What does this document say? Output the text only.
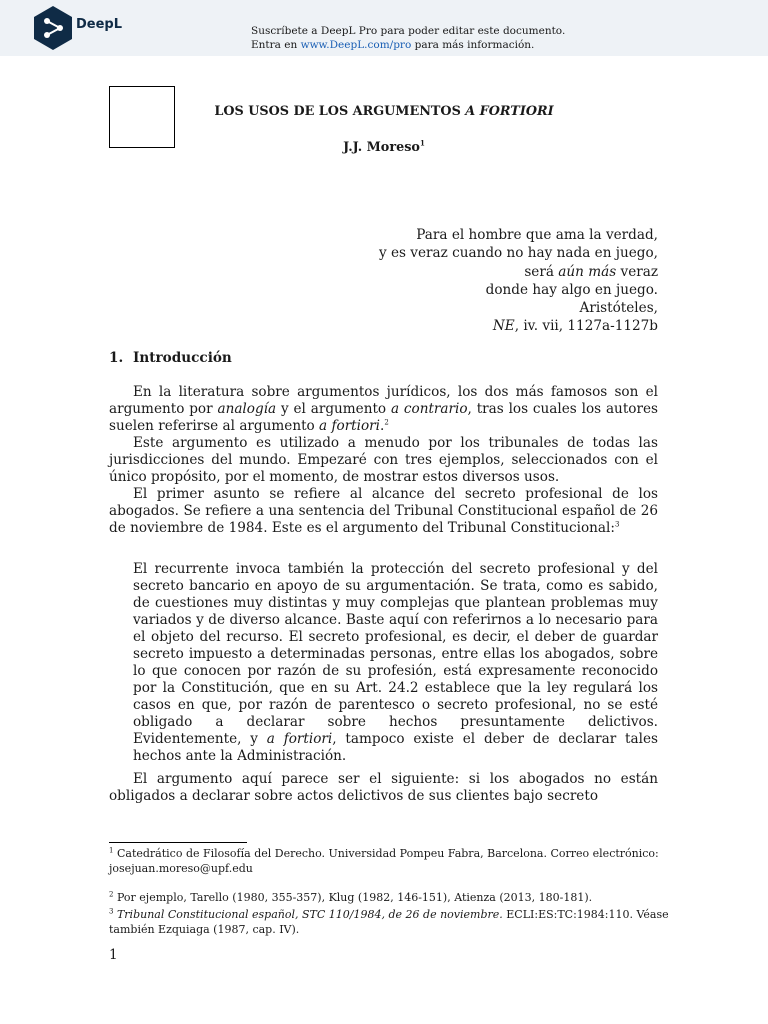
DeepL	Suscríbete a DeepL Pro para poder editar este documento.
Entra en www.DeepL.com/pro para más información.
LOS USOS DE LOS ARGUMENTOS A FORTIORI
J.J. Moreso$^1$
Para el hombre que ama la verdad,
y es veraz cuando no hay nada en juego,
será aún más veraz
donde hay algo en juego.
Aristóteles,
NE, iv. vii, 1127a-1127b
1. Introducción

En la literatura sobre argumentos jurídicos, los dos más famosos son el argumento por analogía y el argumento a contrario, tras los cuales los autores suelen referirse al argumento a fortiori.$^2$

Este argumento es utilizado a menudo por los tribunales de todas las jurisdicciones del mundo. Empezaré con tres ejemplos, seleccionados con el único propósito, por el momento, de mostrar estos diversos usos.

El primer asunto se refiere al alcance del secreto profesional de los abogados. Se refiere a una sentencia del Tribunal Constitucional español de 26 de noviembre de 1984. Este es el argumento del Tribunal Constitucional:$^3$

El recurrente invoca también la protección del secreto profesional y del secreto bancario en apoyo de su argumentación. Se trata, como es sabido, de cuestiones muy distintas y muy complejas que plantean problemas muy variados y de diverso alcance. Baste aquí con referirnos a lo necesario para el objeto del recurso. El secreto profesional, es decir, el deber de guardar secreto impuesto a determinadas personas, entre ellas los abogados, sobre lo que conocen por razón de su profesión, está expresamente reconocido por la Constitución, que en su Art. 24.2 establece que la ley regulará los casos en que, por razón de parentesco o secreto profesional, no se esté obligado a declarar sobre hechos presuntamente delictivos. Evidentemente, y a fortiori, tampoco existe el deber de declarar tales hechos ante la Administración.
El argumento aquí parece ser el siguiente: si los abogados no están obligados a declarar sobre actos delictivos de sus clientes bajo secreto
$^1$ Catedrático de Filosofía del Derecho. Universidad Pompeu Fabra, Barcelona. Correo electrónico: josejuan.moreso@upf.edu
$^2$ Por ejemplo, Tarello (1980, 355-357), Klug (1982, 146-151), Atienza (2013, 180-181).
$^3$ Tribunal Constitucional español, STC 110/1984, de 26 de noviembre. ECLI:ES:TC:1984:110. Véase también Ezquiaga (1987, cap. IV).
1
